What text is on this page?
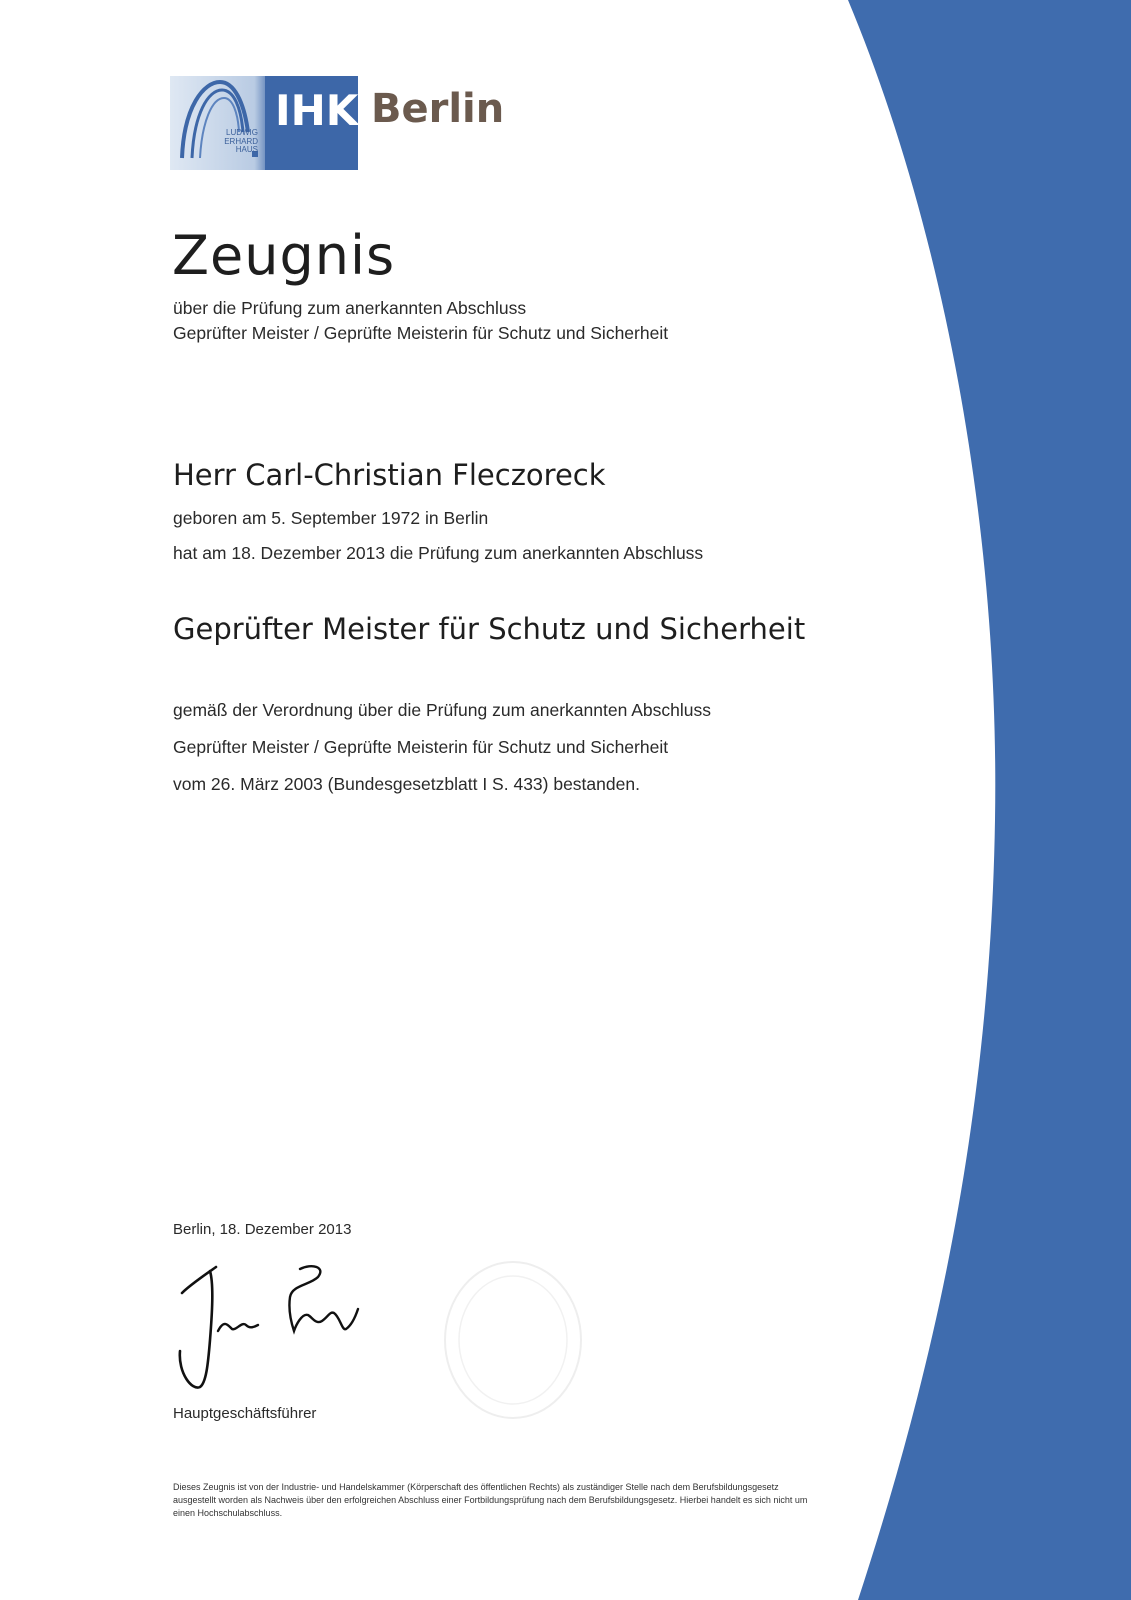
LUDWIG
ERHARD
HAUS
IHK Berlin
Zeugnis
über die Prüfung zum anerkannten Abschluss
Geprüfter Meister / Geprüfte Meisterin für Schutz und Sicherheit
Herr Carl-Christian Fleczoreck
geboren am 5. September 1972 in Berlin
hat am 18. Dezember 2013 die Prüfung zum anerkannten Abschluss
Geprüfter Meister für Schutz und Sicherheit
gemäß der Verordnung über die Prüfung zum anerkannten Abschluss
Geprüfter Meister / Geprüfte Meisterin für Schutz und Sicherheit
vom 26. März 2003 (Bundesgesetzblatt I S. 433) bestanden.
Berlin, 18. Dezember 2013
Hauptgeschäftsführer
Dieses Zeugnis ist von der Industrie- und Handelskammer (Körperschaft des öffentlichen Rechts) als zuständiger Stelle nach dem Berufsbildungsgesetz ausgestellt worden als Nachweis über den erfolgreichen Abschluss einer Fortbildungsprüfung nach dem Berufsbildungsgesetz. Hierbei handelt es sich nicht um einen Hochschulabschluss.
